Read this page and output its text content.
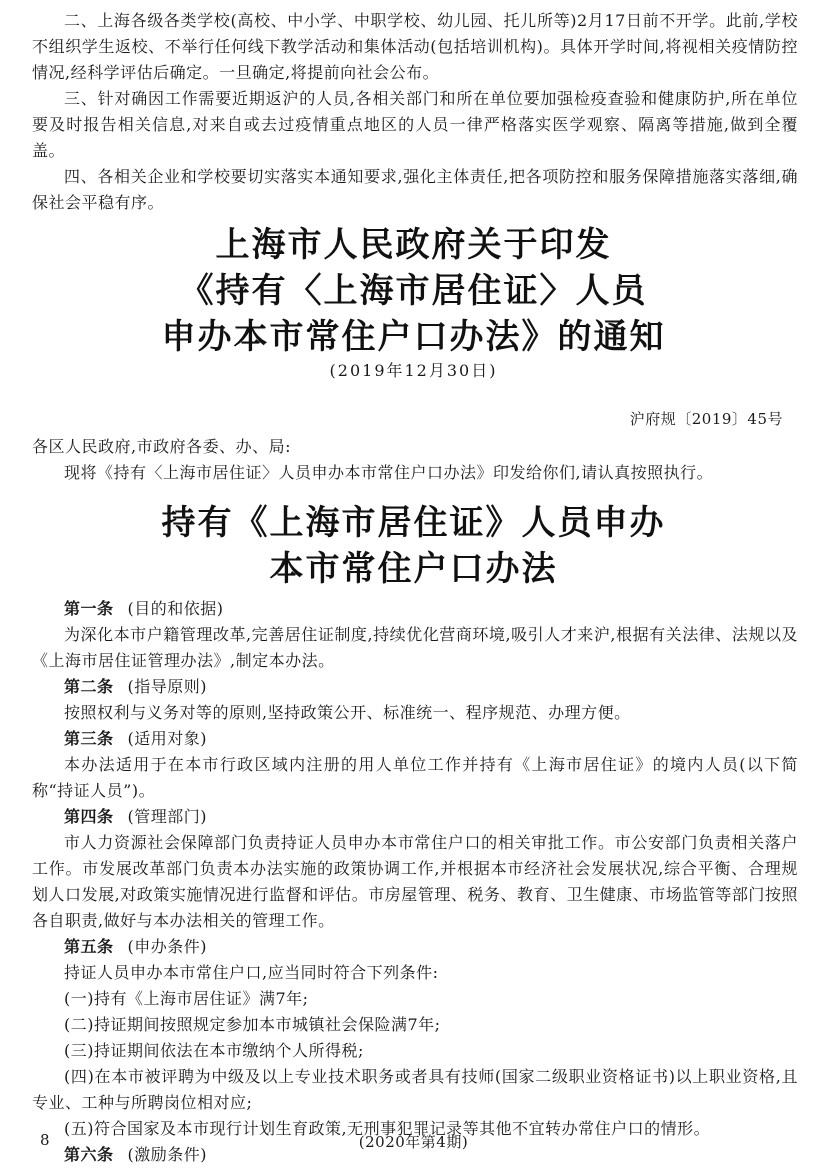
二、上海各级各类学校(高校、中小学、中职学校、幼儿园、托儿所等)2月17日前不开学。此前,学校不组织学生返校、不举行任何线下教学活动和集体活动(包括培训机构)。具体开学时间,将视相关疫情防控情况,经科学评估后确定。一旦确定,将提前向社会公布。

三、针对确因工作需要近期返沪的人员,各相关部门和所在单位要加强检疫查验和健康防护,所在单位要及时报告相关信息,对来自或去过疫情重点地区的人员一律严格落实医学观察、隔离等措施,做到全覆盖。

四、各相关企业和学校要切实落实本通知要求,强化主体责任,把各项防控和服务保障措施落实落细,确保社会平稳有序。

上海市人民政府关于印发
《持有〈上海市居住证〉人员
申办本市常住户口办法》的通知
(2019年12月30日)
沪府规〔2019〕45号

各区人民政府,市政府各委、办、局:

现将《持有〈上海市居住证〉人员申办本市常住户口办法》印发给你们,请认真按照执行。

持有《上海市居住证》人员申办
本市常住户口办法

第一条 (目的和依据)

为深化本市户籍管理改革,完善居住证制度,持续优化营商环境,吸引人才来沪,根据有关法律、法规以及《上海市居住证管理办法》,制定本办法。

第二条 (指导原则)

按照权利与义务对等的原则,坚持政策公开、标准统一、程序规范、办理方便。

第三条 (适用对象)

本办法适用于在本市行政区域内注册的用人单位工作并持有《上海市居住证》的境内人员(以下简称“持证人员”)。

第四条 (管理部门)

市人力资源社会保障部门负责持证人员申办本市常住户口的相关审批工作。市公安部门负责相关落户工作。市发展改革部门负责本办法实施的政策协调工作,并根据本市经济社会发展状况,综合平衡、合理规划人口发展,对政策实施情况进行监督和评估。市房屋管理、税务、教育、卫生健康、市场监管等部门按照各自职责,做好与本办法相关的管理工作。

第五条 (申办条件)

持证人员申办本市常住户口,应当同时符合下列条件:

(一)持有《上海市居住证》满7年;

(二)持证期间按照规定参加本市城镇社会保险满7年;

(三)持证期间依法在本市缴纳个人所得税;

(四)在本市被评聘为中级及以上专业技术职务或者具有技师(国家二级职业资格证书)以上职业资格,且专业、工种与所聘岗位相对应;

(五)符合国家及本市现行计划生育政策,无刑事犯罪记录等其他不宜转办常住户口的情形。

第六条 (激励条件)

8	(2020年第4期)
